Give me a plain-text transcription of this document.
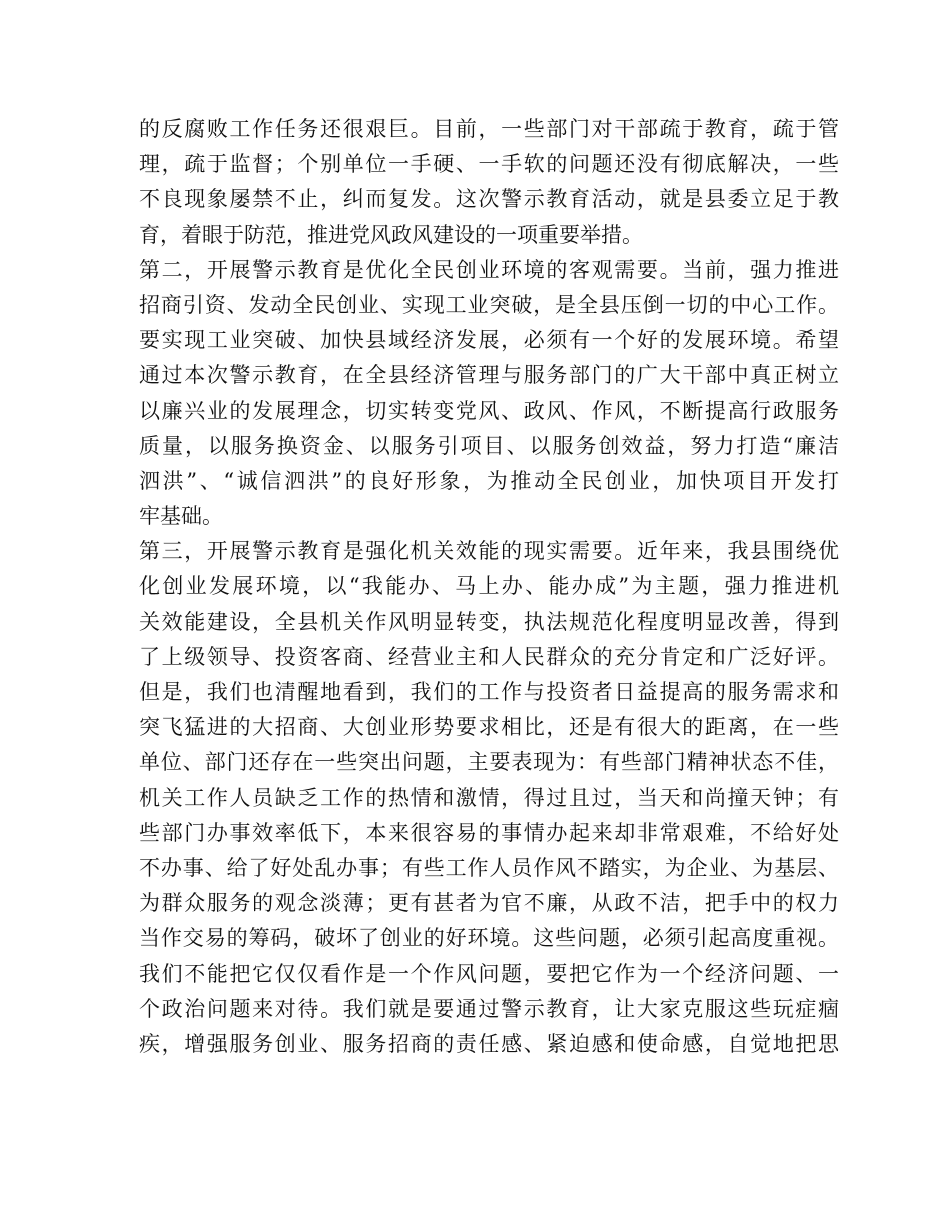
的反腐败工作任务还很艰巨。目前，一些部门对干部疏于教育，疏于管
理，疏于监督；个别单位一手硬、一手软的问题还没有彻底解决，一些
不良现象屡禁不止，纠而复发。这次警示教育活动，就是县委立足于教
育，着眼于防范，推进党风政风建设的一项重要举措。
第二，开展警示教育是优化全民创业环境的客观需要。当前，强力推进
招商引资、发动全民创业、实现工业突破，是全县压倒一切的中心工作。
要实现工业突破、加快县域经济发展，必须有一个好的发展环境。希望
通过本次警示教育，在全县经济管理与服务部门的广大干部中真正树立
以廉兴业的发展理念，切实转变党风、政风、作风，不断提高行政服务
质量，以服务换资金、以服务引项目、以服务创效益，努力打造“廉洁
泗洪”、“诚信泗洪”的良好形象，为推动全民创业，加快项目开发打
牢基础。
第三，开展警示教育是强化机关效能的现实需要。近年来，我县围绕优
化创业发展环境，以“我能办、马上办、能办成”为主题，强力推进机
关效能建设，全县机关作风明显转变，执法规范化程度明显改善，得到
了上级领导、投资客商、经营业主和人民群众的充分肯定和广泛好评。
但是，我们也清醒地看到，我们的工作与投资者日益提高的服务需求和
突飞猛进的大招商、大创业形势要求相比，还是有很大的距离，在一些
单位、部门还存在一些突出问题，主要表现为：有些部门精神状态不佳，
机关工作人员缺乏工作的热情和激情，得过且过，当天和尚撞天钟；有
些部门办事效率低下，本来很容易的事情办起来却非常艰难，不给好处
不办事、给了好处乱办事；有些工作人员作风不踏实，为企业、为基层、
为群众服务的观念淡薄；更有甚者为官不廉，从政不洁，把手中的权力
当作交易的筹码，破坏了创业的好环境。这些问题，必须引起高度重视。
我们不能把它仅仅看作是一个作风问题，要把它作为一个经济问题、一
个政治问题来对待。我们就是要通过警示教育，让大家克服这些玩症痼
疾，增强服务创业、服务招商的责任感、紧迫感和使命感，自觉地把思
